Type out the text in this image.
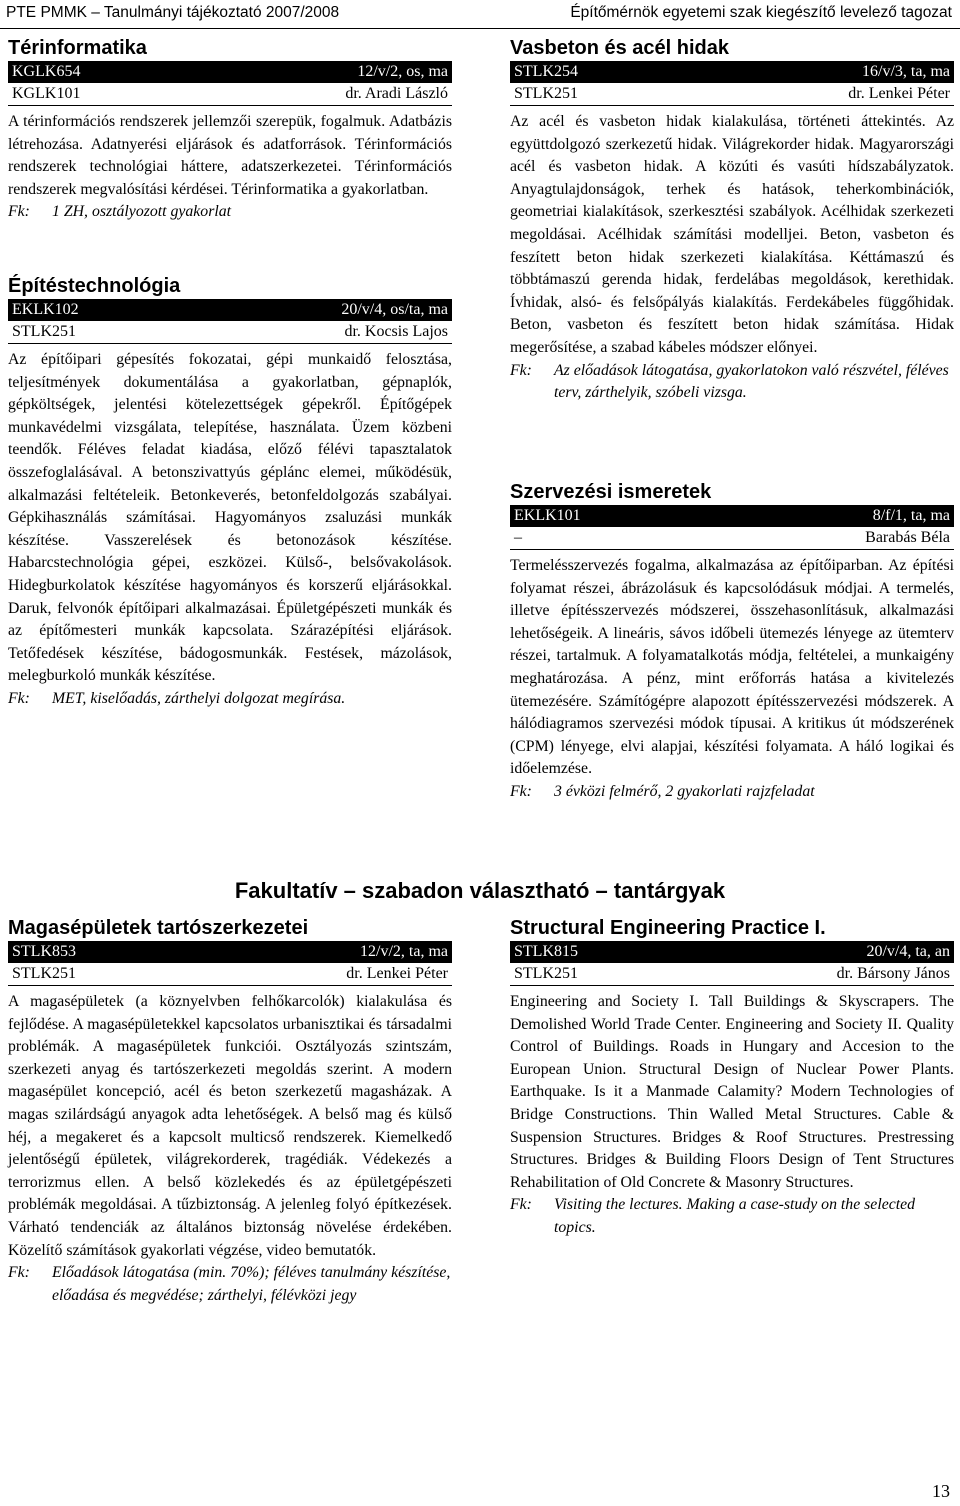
PTE PMMK – Tanulmányi tájékoztató 2007/2008	Építőmérnök egyetemi szak kiegészítő levelező tagozat
Térinformatika
KGLK654	12/v/2, os, ma
KGLK101	dr. Aradi László
A térinformációs rendszerek jellemzői szerepük, fogalmuk. Adatbázis létrehozása. Adatnyerési eljárások és adatforrások. Térinformációs rendszerek technológiai háttere, adatszerkezetei. Térinformációs rendszerek megvalósítási kérdései. Térinformatika a gyakorlatban.
Fk:	1 ZH, osztályozott gyakorlat
Építéstechnológia
EKLK102	20/v/4, os/ta, ma
STLK251	dr. Kocsis Lajos
Az építőipari gépesítés fokozatai, gépi munkaidő felosztása, teljesítmények dokumentálása a gyakorlatban, gépnaplók, gépköltségek, jelentési kötelezettségek gépekről. Építőgépek munkavédelmi vizsgálata, telepítése, használata. Üzem közbeni teendők. Féléves feladat kiadása, előző félévi tapasztalatok összefoglalásával. A betonszivattyús géplánc elemei, működésük, alkalmazási feltételeik. Betonkeverés, betonfeldolgozás szabályai. Gépkihasználás számításai. Hagyományos zsaluzási munkák készítése. Vasszerelések és betonozások készítése. Habarcstechnológia gépei, eszközei. Külső-, belsővakolások. Hidegburkolatok készítése hagyományos és korszerű eljárásokkal. Daruk, felvonók építőipari alkalmazásai. Épületgépészeti munkák és az építőmesteri munkák kapcsolata. Szárazépítési eljárások. Tetőfedések készítése, bádogosmunkák. Festések, mázolások, melegburkoló munkák készítése.
Fk:	MET, kiselőadás, zárthelyi dolgozat megírása.
Vasbeton és acél hidak
STLK254	16/v/3, ta, ma
STLK251	dr. Lenkei Péter
Az acél és vasbeton hidak kialakulása, történeti áttekintés. Az együttdolgozó szerkezetű hidak. Világrekorder hidak. Magyarországi acél és vasbeton hidak. A közúti és vasúti hídszabályzatok. Anyagtulajdonságok, terhek és hatások, teherkombinációk, geometriai kialakítások, szerkesztési szabályok. Acélhidak szerkezeti megoldásai. Acélhidak számítási modelljei. Beton, vasbeton és feszített beton hidak szerkezeti kialakítása. Kéttámaszú és többtámaszú gerenda hidak, ferdelábas megoldások, kerethidak. Ívhidak, alsó- és felsőpályás kialakítás. Ferdekábeles függőhidak. Beton, vasbeton és feszített beton hidak számítása. Hidak megerősítése, a szabad kábeles módszer előnyei.
Fk:	Az előadások látogatása, gyakorlatokon való részvétel, féléves terv, zárthelyik, szóbeli vizsga.
Szervezési ismeretek
EKLK101	8/f/1, ta, ma
–	Barabás Béla
Termelésszervezés fogalma, alkalmazása az építőiparban. Az építési folyamat részei, ábrázolásuk és kapcsolódásuk módjai. A termelés, illetve építésszervezés módszerei, összehasonlításuk, alkalmazási lehetőségeik. A lineáris, sávos időbeli ütemezés lényege az ütemterv részei, tartalmuk. A folyamatalkotás módja, feltételei, a munkaigény meghatározása. A pénz, mint erőforrás hatása a kivitelezés ütemezésére. Számítógépre alapozott építésszervezési módszerek. A hálódiagramos szervezési módok típusai. A kritikus út módszerének (CPM) lényege, elvi alapjai, készítési folyamata. A háló logikai és időelemzése.
Fk:	3 évközi felmérő, 2 gyakorlati rajzfeladat
Fakultatív – szabadon választható – tantárgyak
Magasépületek tartószerkezetei
STLK853	12/v/2, ta, ma
STLK251	dr. Lenkei Péter
A magasépületek (a köznyelvben felhőkarcolók) kialakulása és fejlődése. A magasépületekkel kapcsolatos urbanisztikai és társadalmi problémák. A magasépületek funkciói. Osztályozás szintszám, szerkezeti anyag és tartószerkezeti megoldás szerint. A modern magasépület koncepció, acél és beton szerkezetű magasházak. A magas szilárdságú anyagok adta lehetőségek. A belső mag és külső héj, a megakeret és a kapcsolt multicső rendszerek. Kiemelkedő jelentőségű épületek, világrekorderek, tragédiák. Védekezés a terrorizmus ellen. A belső közlekedés és az épületgépészeti problémák megoldásai. A tűzbiztonság. A jelenleg folyó építkezések. Várható tendenciák az általános biztonság növelése érdekében. Közelítő számítások gyakorlati végzése, video bemutatók.
Fk:	Előadások látogatása (min. 70%); féléves tanulmány készítése, előadása és megvédése; zárthelyi, félévközi jegy
Structural Engineering Practice I.
STLK815	20/v/4, ta, an
STLK251	dr. Bársony János
Engineering and Society I. Tall Buildings & Skyscrapers. The Demolished World Trade Center. Engineering and Society II. Quality Control of Buildings. Roads in Hungary and Accesion to the European Union. Structural Design of Nuclear Power Plants. Earthquake. Is it a Manmade Calamity? Modern Technologies of Bridge Constructions. Thin Walled Metal Structures. Cable & Suspension Structures. Bridges & Roof Structures. Prestressing Structures. Bridges & Building Floors Design of Tent Structures Rehabilitation of Old Concrete & Masonry Structures.
Fk:	Visiting the lectures. Making a case-study on the selected topics.
13
